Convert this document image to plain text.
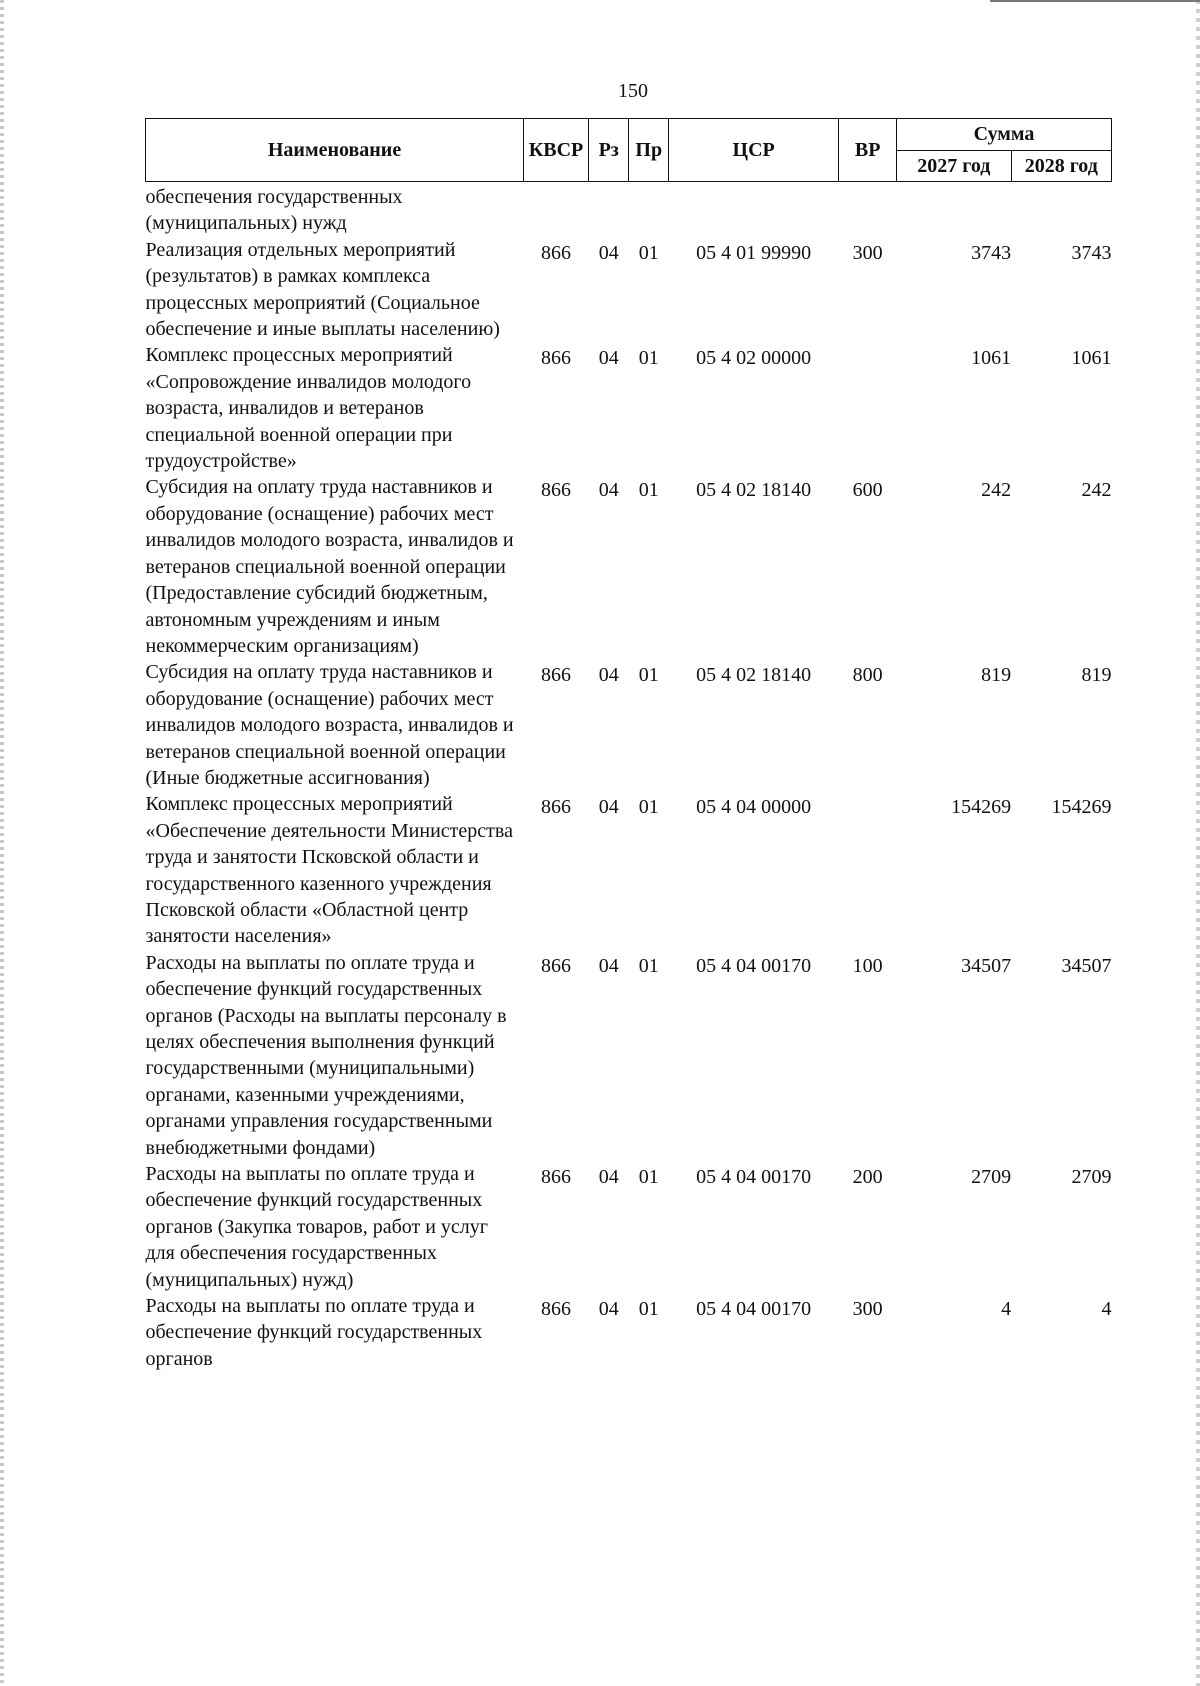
150
Наименование	КВСР	Рз	Пр	ЦСР	ВР	Сумма	
						2027 год	2028 год
обеспечения государственных (муниципальных) нужд							
Реализация отдельных мероприятий (результатов) в рамках комплекса процессных мероприятий (Социальное обеспечение и иные выплаты населению)	866	04	01	05 4 01 99990	300	3743	3743
Комплекс процессных мероприятий «Сопровождение инвалидов молодого возраста, инвалидов и ветеранов специальной военной операции при трудоустройстве»	866	04	01	05 4 02 00000		1061	1061
Субсидия на оплату труда наставников и оборудование (оснащение) рабочих мест инвалидов молодого возраста, инвалидов и ветеранов специальной военной операции (Предоставление субсидий бюджетным, автономным учреждениям и иным некоммерческим организациям)	866	04	01	05 4 02 18140	600	242	242
Субсидия на оплату труда наставников и оборудование (оснащение) рабочих мест инвалидов молодого возраста, инвалидов и ветеранов специальной военной операции (Иные бюджетные ассигнования)	866	04	01	05 4 02 18140	800	819	819
Комплекс процессных мероприятий «Обеспечение деятельности Министерства труда и занятости Псковской области и государственного казенного учреждения Псковской области «Областной центр занятости населения»	866	04	01	05 4 04 00000		154269	154269
Расходы на выплаты по оплате труда и обеспечение функций государственных органов (Расходы на выплаты персоналу в целях обеспечения выполнения функций государственными (муниципальными) органами, казенными учреждениями, органами управления государственными внебюджетными фондами)	866	04	01	05 4 04 00170	100	34507	34507
Расходы на выплаты по оплате труда и обеспечение функций государственных органов (Закупка товаров, работ и услуг для обеспечения государственных (муниципальных) нужд)	866	04	01	05 4 04 00170	200	2709	2709
Расходы на выплаты по оплате труда и обеспечение функций государственных органов	866	04	01	05 4 04 00170	300	4	4
